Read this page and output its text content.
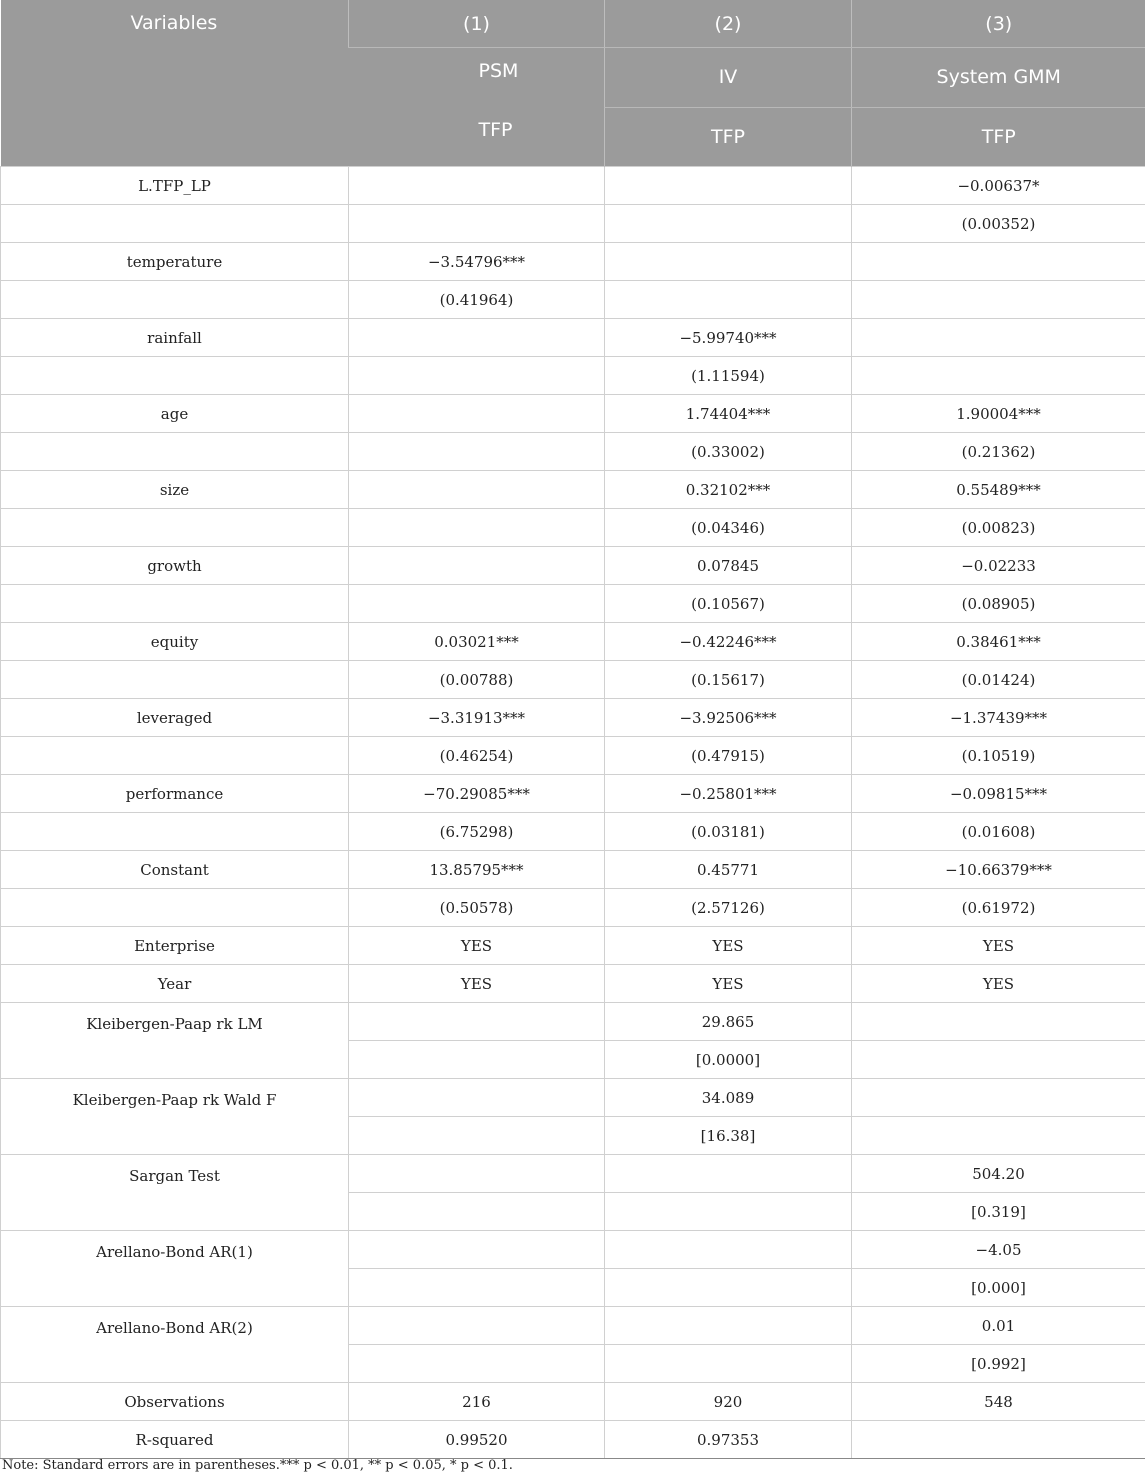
Variables	(1)	(2)	(3)
	PSM	IV	System GMM
	TFP	TFP	TFP
L.TFP_LP			−0.00637*
			(0.00352)
temperature	−3.54796***		
	(0.41964)		
rainfall		−5.99740***	
		(1.11594)	
age		1.74404***	1.90004***
		(0.33002)	(0.21362)
size		0.32102***	0.55489***
		(0.04346)	(0.00823)
growth		0.07845	−0.02233
		(0.10567)	(0.08905)
equity	0.03021***	−0.42246***	0.38461***
	(0.00788)	(0.15617)	(0.01424)
leveraged	−3.31913***	−3.92506***	−1.37439***
	(0.46254)	(0.47915)	(0.10519)
performance	−70.29085***	−0.25801***	−0.09815***
	(6.75298)	(0.03181)	(0.01608)
Constant	13.85795***	0.45771	−10.66379***
	(0.50578)	(2.57126)	(0.61972)
Enterprise	YES	YES	YES
Year	YES	YES	YES
Kleibergen-Paap rk LM		29.865	
		[0.0000]	
Kleibergen-Paap rk Wald F		34.089	
		[16.38]	
Sargan Test			504.20
			[0.319]
Arellano-Bond AR(1)			−4.05
			[0.000]
Arellano-Bond AR(2)			0.01
			[0.992]
Observations	216	920	548
R-squared	0.99520	0.97353	
Note: Standard errors are in parentheses.*** p < 0.01, ** p < 0.05, * p < 0.1.
